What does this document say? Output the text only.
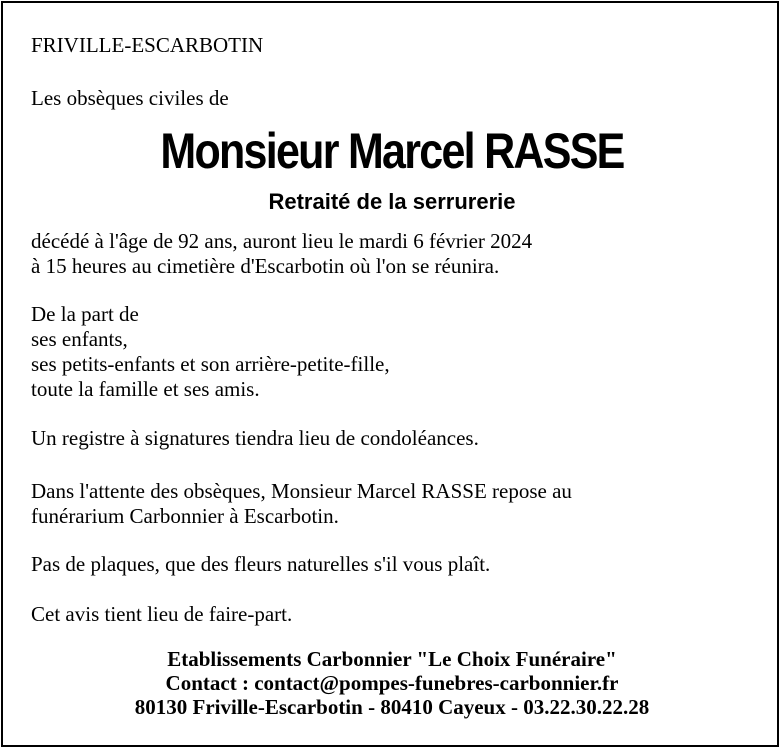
FRIVILLE-ESCARBOTIN

Les obsèques civiles de

Monsieur Marcel RASSE

Retraité de la serrurerie

décédé à l'âge de 92 ans, auront lieu le mardi 6 février 2024

à 15 heures au cimetière d'Escarbotin où l'on se réunira.

De la part de

ses enfants,

ses petits-enfants et son arrière-petite-fille,

toute la famille et ses amis.

Un registre à signatures tiendra lieu de condoléances.

Dans l'attente des obsèques, Monsieur Marcel RASSE repose au

funérarium Carbonnier à Escarbotin.

Pas de plaques, que des fleurs naturelles s'il vous plaît.

Cet avis tient lieu de faire-part.

Etablissements Carbonnier "Le Choix Funéraire"

Contact : contact@pompes-funebres-carbonnier.fr

80130 Friville-Escarbotin - 80410 Cayeux - 03.22.30.22.28
